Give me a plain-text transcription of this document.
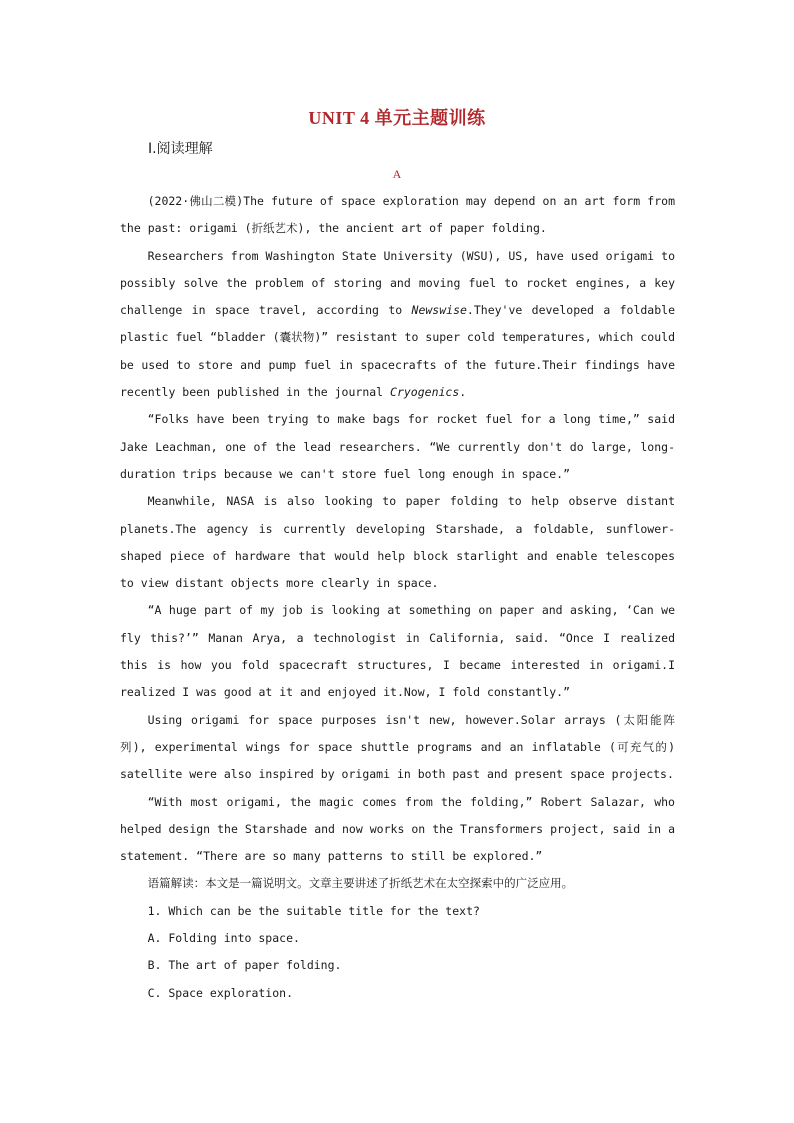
UNIT 4 单元主题训练
Ⅰ.阅读理解
A

(2022·佛山二模)The future of space exploration may depend on an art form from the past: origami (折纸艺术), the ancient art of paper folding.

Researchers from Washington State University (WSU), US, have used origami to possibly solve the problem of storing and moving fuel to rocket engines, a key challenge in space travel, according to Newswise.They've developed a foldable plastic fuel “bladder (囊状物)” resistant to super cold temperatures, which could be used to store and pump fuel in spacecrafts of the future.Their findings have recently been published in the journal Cryogenics.

“Folks have been trying to make bags for rocket fuel for a long time,” said Jake Leachman, one of the lead researchers. “We currently don't do large, long-duration trips because we can't store fuel long enough in space.”

Meanwhile, NASA is also looking to paper folding to help observe distant planets.The agency is currently developing Starshade, a foldable, sunflower-shaped piece of hardware that would help block starlight and enable telescopes to view distant objects more clearly in space.

“A huge part of my job is looking at something on paper and asking, ‘Can we fly this?’” Manan Arya, a technologist in California, said. “Once I realized this is how you fold spacecraft structures, I became interested in origami.I realized I was good at it and enjoyed it.Now, I fold constantly.”

Using origami for space purposes isn't new, however.Solar arrays (太阳能阵列), experimental wings for space shuttle programs and an inflatable (可充气的) satellite were also inspired by origami in both past and present space projects.

“With most origami, the magic comes from the folding,” Robert Salazar, who helped design the Starshade and now works on the Transformers project, said in a statement. “There are so many patterns to still be explored.”

语篇解读：本文是一篇说明文。文章主要讲述了折纸艺术在太空探索中的广泛应用。

1. Which can be the suitable title for the text?

A. Folding into space.

B. The art of paper folding.

C. Space exploration.
